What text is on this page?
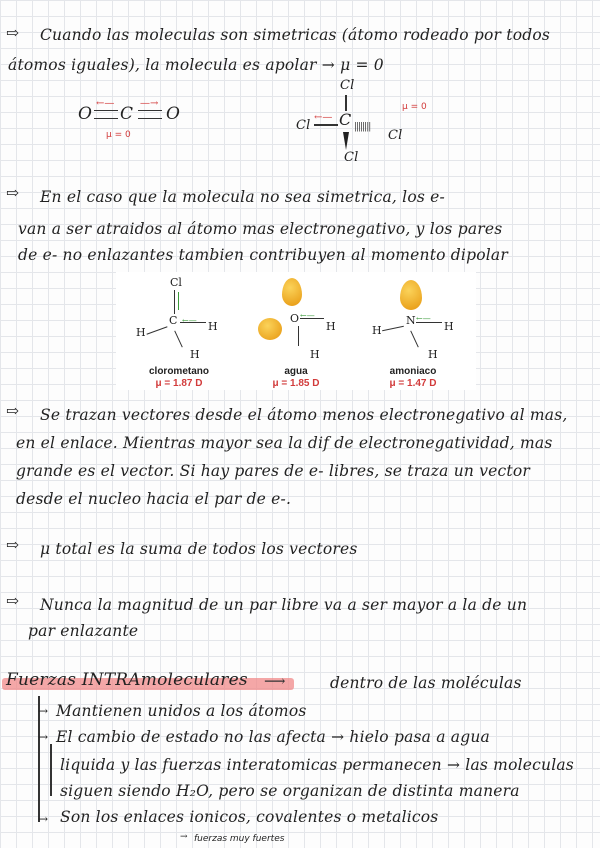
⇨ Cuando las moleculas son simetricas (átomo rodeado por todos
átomos iguales), la molecula es apolar → μ = 0
O C O
←—	—→
μ = 0
Cl
C
Cl
←—
||||||||
Cl
Cl
μ = 0
⇨ En el caso que la molecula no sea simetrica, los e-
van a ser atraidos al átomo mas electronegativo, y los pares
de e- no enlazantes tambien contribuyen al momento dipolar
Cl
C
H	H
←—
H
clorometano
μ = 1.87 D
O ←—
H
H
agua
μ = 1.85 D
N
H	H
←—
H
amoniaco
μ = 1.47 D
⇨ Se trazan vectores desde el átomo menos electronegativo al mas,
en el enlace. Mientras mayor sea la dif de electronegatividad, mas
grande es el vector. Si hay pares de e- libres, se traza un vector
desde el nucleo hacia el par de e-.
⇨ μ total es la suma de todos los vectores
⇨ Nunca la magnitud de un par libre va a ser mayor a la de un
par enlazante
Fuerzas INTRAmoleculares ⟶	dentro de las moléculas
→ Mantienen unidos a los átomos
→ El cambio de estado no las afecta → hielo pasa a agua
liquida y las fuerzas interatomicas permanecen → las moleculas
siguen siendo H₂O, pero se organizan de distinta manera
→ Son los enlaces ionicos, covalentes o metalicos
→ fuerzas muy fuertes
